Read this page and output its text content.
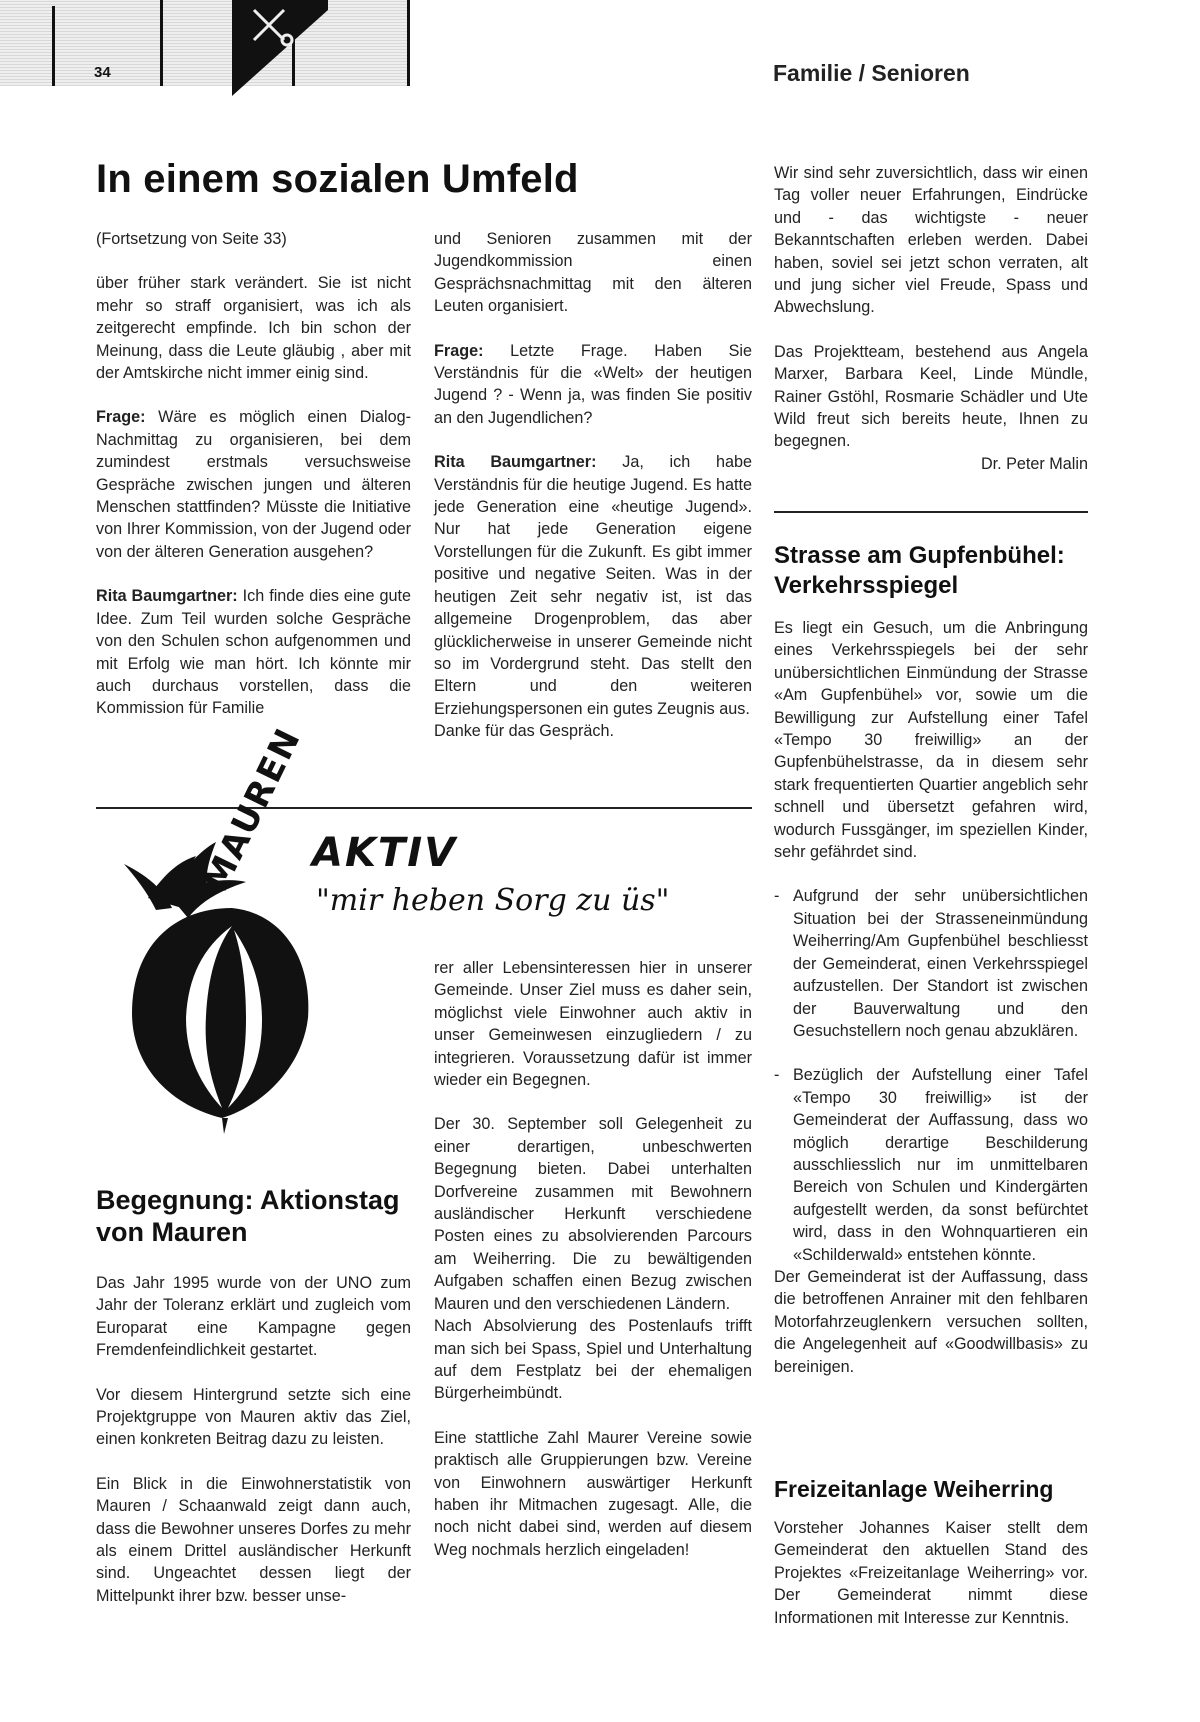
34	Familie / Senioren
In einem sozialen Umfeld

(Fortsetzung von Seite 33)

über früher stark verändert. Sie ist nicht mehr so straff organisiert, was ich als zeitgerecht empfinde. Ich bin schon der Meinung, dass die Leute gläubig , aber mit der Amtskirche nicht immer einig sind.

Frage: Wäre es möglich einen Dialog-Nachmittag zu organisieren, bei dem zumindest erstmals versuchsweise Gespräche zwischen jungen und älteren Menschen stattfinden? Müsste die Initiative von Ihrer Kommission, von der Jugend oder von der älteren Generation ausgehen?

Rita Baumgartner: Ich finde dies eine gute Idee. Zum Teil wurden solche Gespräche von den Schulen schon aufgenommen und mit Erfolg wie man hört. Ich könnte mir auch durchaus vorstellen, dass die Kommission für Familie

und Senioren zusammen mit der Jugendkommission einen Gesprächsnachmittag mit den älteren Leuten organisiert.

Frage: Letzte Frage. Haben Sie Verständnis für die «Welt» der heutigen Jugend ? - Wenn ja, was finden Sie positiv an den Jugendlichen?

Rita Baumgartner: Ja, ich habe Verständnis für die heutige Jugend. Es hatte jede Generation eine «heutige Jugend». Nur hat jede Generation eigene Vorstellungen für die Zukunft. Es gibt immer positive und negative Seiten. Was in der heutigen Zeit sehr negativ ist, ist das allgemeine Drogenproblem, das aber glücklicherweise in unserer Gemeinde nicht so im Vordergrund steht. Das stellt den Eltern und den weiteren Erziehungspersonen ein gutes Zeugnis aus.
Danke für das Gespräch.

Wir sind sehr zuversichtlich, dass wir einen Tag voller neuer Erfahrungen, Eindrücke und - das wichtigste - neuer Bekanntschaften erleben werden. Dabei haben, soviel sei jetzt schon verraten, alt und jung sicher viel Freude, Spass und Abwechslung.

Das Projektteam, bestehend aus Angela Marxer, Barbara Keel, Linde Mündle, Rainer Gstöhl, Rosmarie Schädler und Ute Wild freut sich bereits heute, Ihnen zu begegnen.

Dr. Peter Malin

Strasse am Gupfenbühel: Verkehrsspiegel

Es liegt ein Gesuch, um die Anbringung eines Verkehrsspiegels bei der sehr unübersichtlichen Einmündung der Strasse «Am Gupfenbühel» vor, sowie um die Bewilligung zur Aufstellung einer Tafel «Tempo 30 freiwillig» an der Gupfenbühelstrasse, da in diesem sehr stark frequentierten Quartier angeblich sehr schnell und übersetzt gefahren wird, wodurch Fussgänger, im speziellen Kinder, sehr gefährdet sind.

- Aufgrund der sehr unübersichtlichen Situation bei der Strasseneinmündung Weiherring/Am Gupfenbühel beschliesst der Gemeinderat, einen Verkehrsspiegel aufzustellen. Der Standort ist zwischen der Bauverwaltung und den Gesuchstellern noch genau abzuklären.
- Bezüglich der Aufstellung einer Tafel «Tempo 30 freiwillig» ist der Gemeinderat der Auffassung, dass wo möglich derartige Beschilderung ausschliesslich nur im unmittelbaren Bereich von Schulen und Kindergärten aufgestellt werden, da sonst befürchtet wird, dass in den Wohnquartieren ein «Schilderwald» entstehen könnte.

Der Gemeinderat ist der Auffassung, dass die betroffenen Anrainer mit den fehlbaren Motorfahrzeuglenkern versuchen sollten, die Angelegenheit auf «Goodwillbasis» zu bereinigen.

Freizeitanlage Weiherring

Vorsteher Johannes Kaiser stellt dem Gemeinderat den aktuellen Stand des Projektes «Freizeitanlage Weiherring» vor. Der Gemeinderat nimmt diese Informationen mit Interesse zur Kenntnis.

MAUREN AKTIV
"mir heben Sorg zu üs"
Begegnung: Aktionstag von Mauren

Das Jahr 1995 wurde von der UNO zum Jahr der Toleranz erklärt und zugleich vom Europarat eine Kampagne gegen Fremdenfeindlichkeit gestartet.

Vor diesem Hintergrund setzte sich eine Projektgruppe von Mauren aktiv das Ziel, einen konkreten Beitrag dazu zu leisten.

Ein Blick in die Einwohnerstatistik von Mauren / Schaanwald zeigt dann auch, dass die Bewohner unseres Dorfes zu mehr als einem Drittel ausländischer Herkunft sind. Ungeachtet dessen liegt der Mittelpunkt ihrer bzw. besser unse-

rer aller Lebensinteressen hier in unserer Gemeinde. Unser Ziel muss es daher sein, möglichst viele Einwohner auch aktiv in unser Gemeinwesen einzugliedern / zu integrieren. Voraussetzung dafür ist immer wieder ein Begegnen.

Der 30. September soll Gelegenheit zu einer derartigen, unbeschwerten Begegnung bieten. Dabei unterhalten Dorfvereine zusammen mit Bewohnern ausländischer Herkunft verschiedene Posten eines zu absolvierenden Parcours am Weiherring. Die zu bewältigenden Aufgaben schaffen einen Bezug zwischen Mauren und den verschiedenen Ländern.

Nach Absolvierung des Postenlaufs trifft man sich bei Spass, Spiel und Unterhaltung auf dem Festplatz bei der ehemaligen Bürgerheimbündt.

Eine stattliche Zahl Maurer Vereine sowie praktisch alle Gruppierungen bzw. Vereine von Einwohnern auswärtiger Herkunft haben ihr Mitmachen zugesagt. Alle, die noch nicht dabei sind, werden auf diesem Weg nochmals herzlich eingeladen!
